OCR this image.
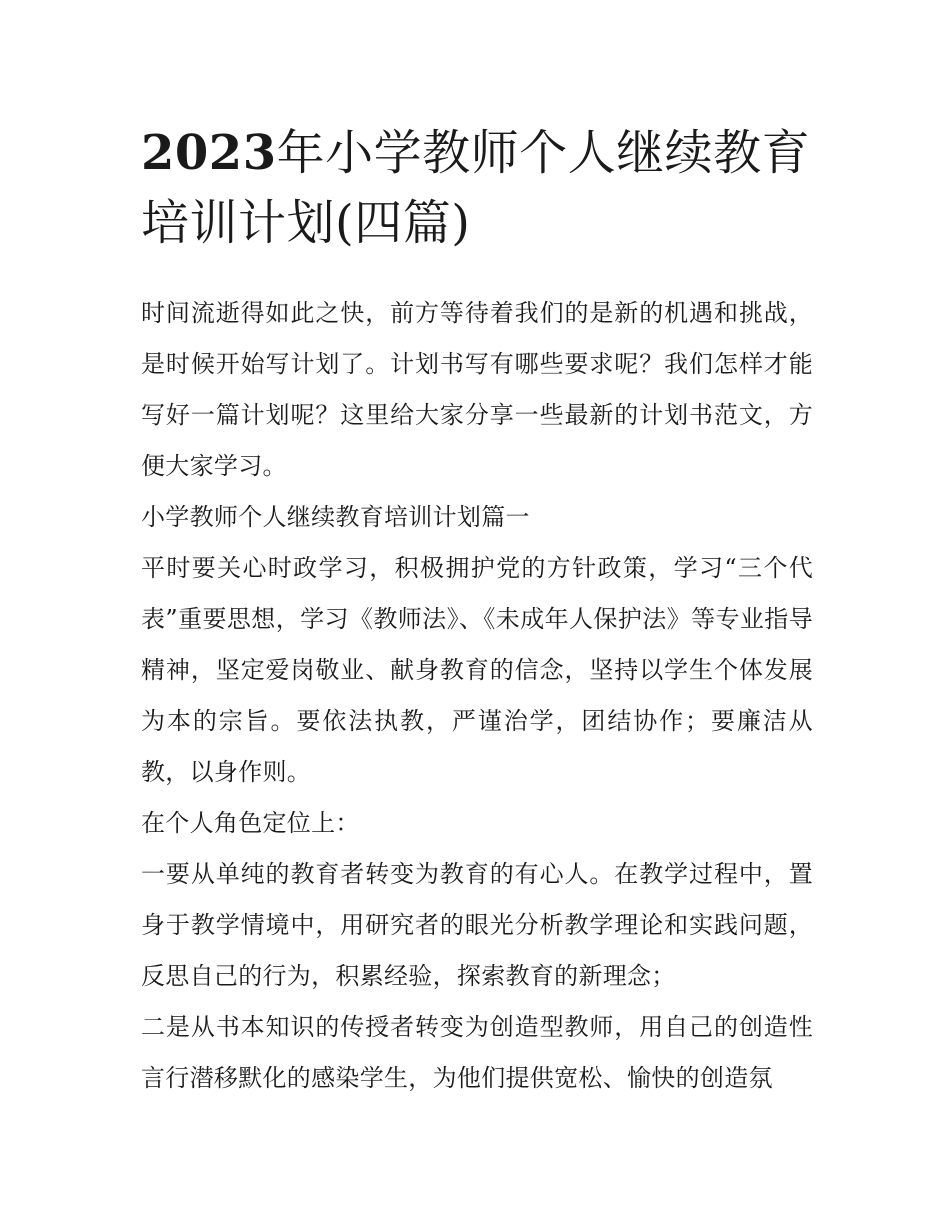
2023年小学教师个人继续教育培训计划(四篇)

时间流逝得如此之快，前方等待着我们的是新的机遇和挑战，是时候开始写计划了。计划书写有哪些要求呢？我们怎样才能写好一篇计划呢？这里给大家分享一些最新的计划书范文，方便大家学习。

小学教师个人继续教育培训计划篇一

平时要关心时政学习，积极拥护党的方针政策，学习“三个代表”重要思想，学习《教师法》、《未成年人保护法》等专业指导精神，坚定爱岗敬业、献身教育的信念，坚持以学生个体发展为本的宗旨。要依法执教，严谨治学，团结协作；要廉洁从教，以身作则。

在个人角色定位上：

一要从单纯的教育者转变为教育的有心人。在教学过程中，置身于教学情境中，用研究者的眼光分析教学理论和实践问题，反思自己的行为，积累经验，探索教育的新理念；

二是从书本知识的传授者转变为创造型教师，用自己的创造性言行潜移默化的感染学生，为他们提供宽松、愉快的创造氛
